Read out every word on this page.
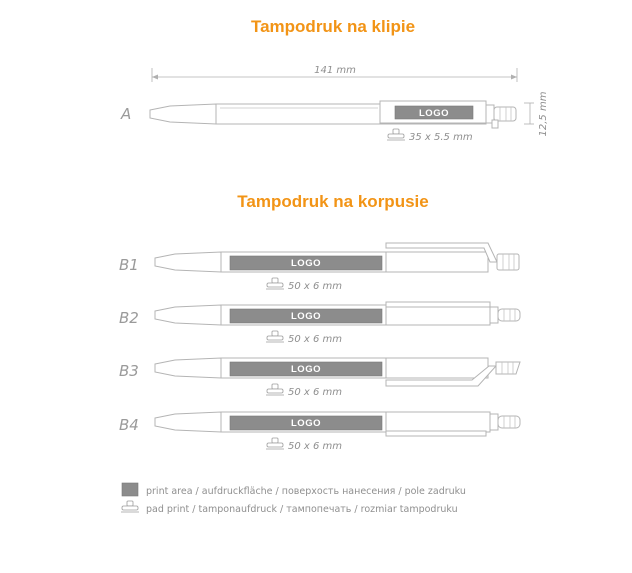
Tampodruk na klipie
141 mm
12,5 mm
A	LOGO
35 x 5.5 mm
Tampodruk na korpusie
B1	LOGO
50 x 6 mm
B2	LOGO
50 x 6 mm
B3	LOGO
50 x 6 mm
B4	LOGO
50 x 6 mm
print area / aufdruckfläche / поверхость нанесения / pole zadruku
pad print / tamponaufdruck / тампопечать / rozmiar tampodruku
